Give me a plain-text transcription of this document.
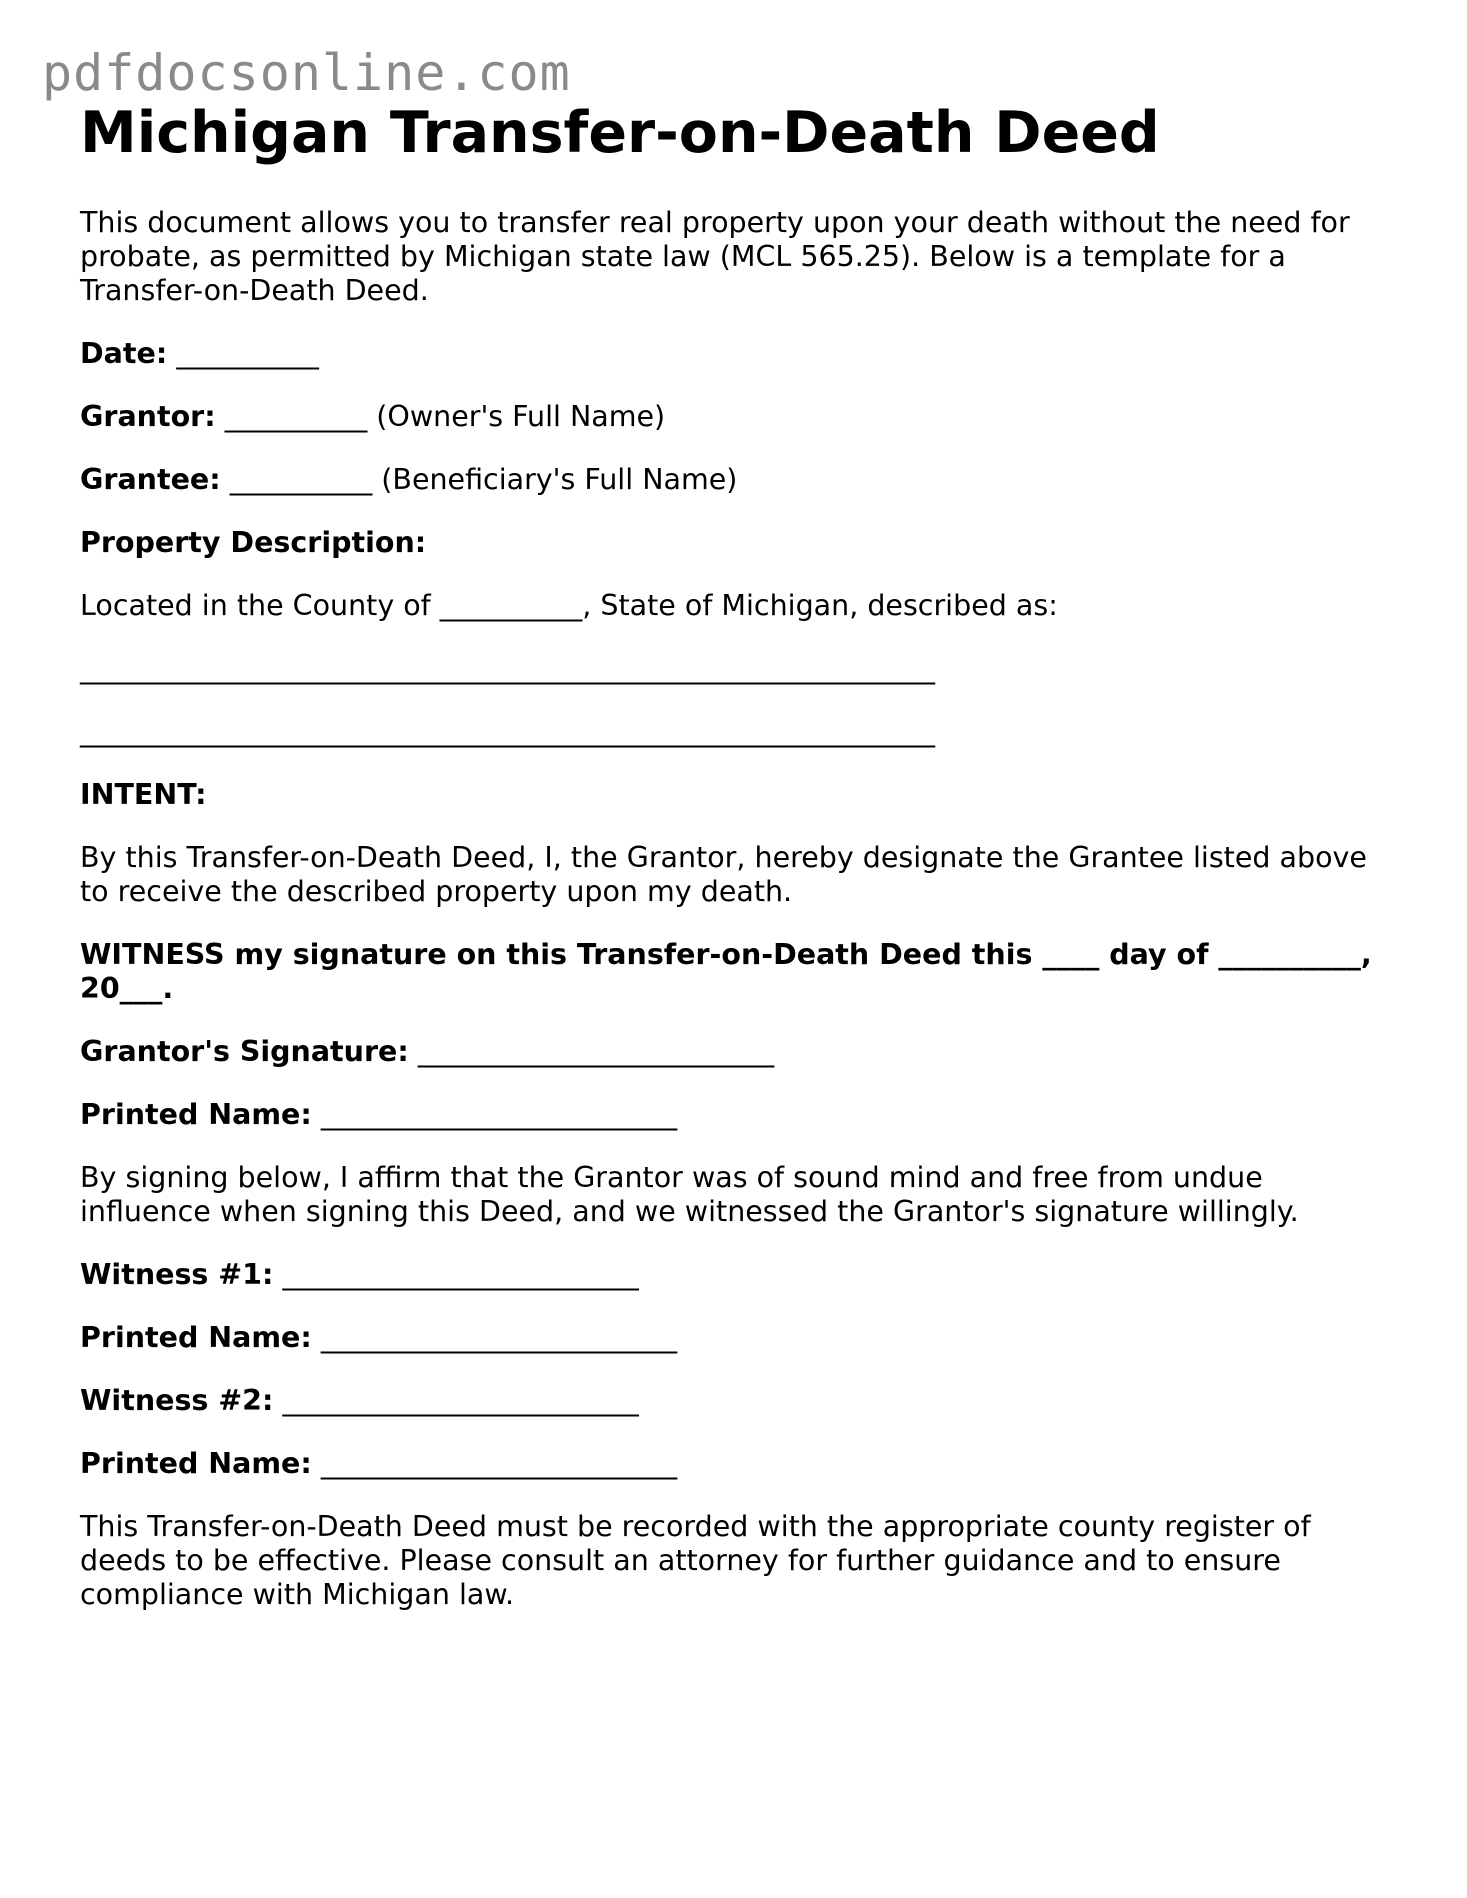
pdfdocsonline.com
Michigan Transfer-on-Death Deed

This document allows you to transfer real property upon your death without the need for probate, as permitted by Michigan state law (MCL 565.25). Below is a template for a Transfer-on-Death Deed.

Date: __________

Grantor: __________ (Owner's Full Name)

Grantee: __________ (Beneficiary's Full Name)

Property Description:

Located in the County of __________, State of Michigan, described as:

____________________________________________________________

____________________________________________________________

INTENT:

By this Transfer-on-Death Deed, I, the Grantor, hereby designate the Grantee listed above to receive the described property upon my death.

WITNESS my signature on this Transfer-on-Death Deed this ____ day of __________, 20___.

Grantor's Signature: _________________________

Printed Name: _________________________

By signing below, I affirm that the Grantor was of sound mind and free from undue influence when signing this Deed, and we witnessed the Grantor's signature willingly.

Witness #1: _________________________

Printed Name: _________________________

Witness #2: _________________________

Printed Name: _________________________

This Transfer-on-Death Deed must be recorded with the appropriate county register of deeds to be effective. Please consult an attorney for further guidance and to ensure compliance with Michigan law.
